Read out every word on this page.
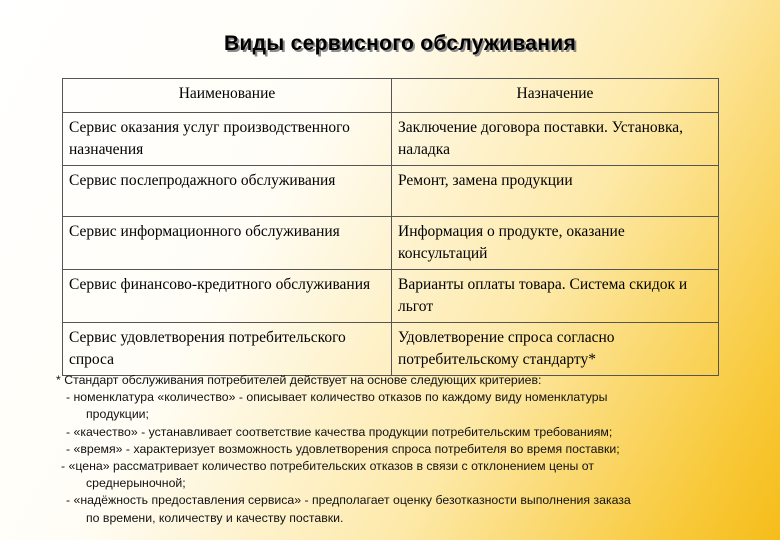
Виды сервисного обслуживания
Наименование	Назначение
Сервис оказания услуг производственного назначения	Заключение договора поставки. Установка, наладка
Сервис послепродажного обслуживания	Ремонт, замена продукции
Сервис информационного обслуживания	Информация о продукте, оказание консультаций
Сервис финансово-кредитного обслуживания	Варианты оплаты товара. Система скидок и льгот
Сервис удовлетворения потребительского спроса	Удовлетворение спроса согласно потребительскому стандарту*
* Стандарт обслуживания потребителей действует на основе следующих критериев:
- номенклатура «количество» - описывает количество отказов по каждому виду номенклатуры
продукции;
- «качество» - устанавливает соответствие качества продукции потребительским требованиям;
- «время» - характеризует возможность удовлетворения спроса потребителя во время поставки;
- «цена» рассматривает количество потребительских отказов в связи с отклонением цены от
среднерыночной;
- «надёжность предоставления сервиса» - предполагает оценку безотказности выполнения заказа
по времени, количеству и качеству поставки.
